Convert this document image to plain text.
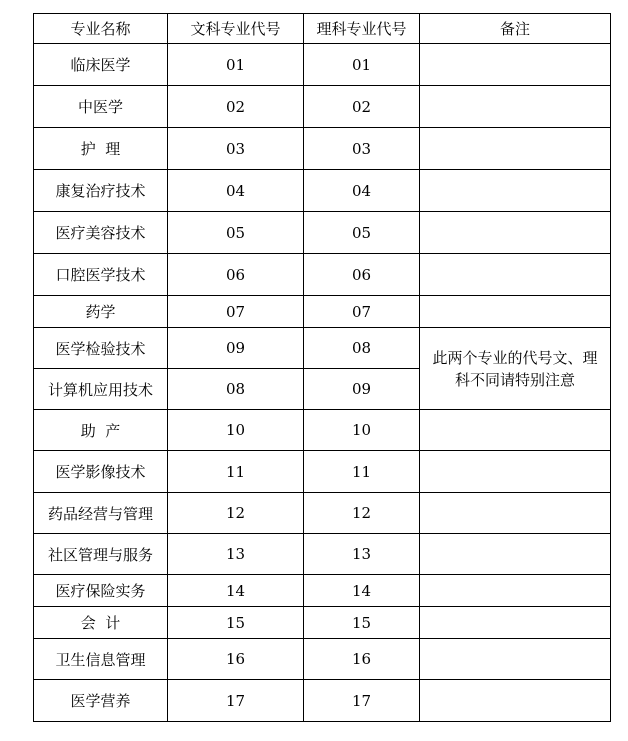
专业名称	文科专业代号	理科专业代号	备注
临床医学	01	01	
中医学	02	02	
护  理	03	03	
康复治疗技术	04	04	
医疗美容技术	05	05	
口腔医学技术	06	06	
药学	07	07	
医学检验技术	09	08	此两个专业的代号文、理科不同请特别注意
计算机应用技术	08	09	
助  产	10	10	
医学影像技术	11	11	
药品经营与管理	12	12	
社区管理与服务	13	13	
医疗保险实务	14	14	
会  计	15	15	
卫生信息管理	16	16	
医学营养	17	17	
